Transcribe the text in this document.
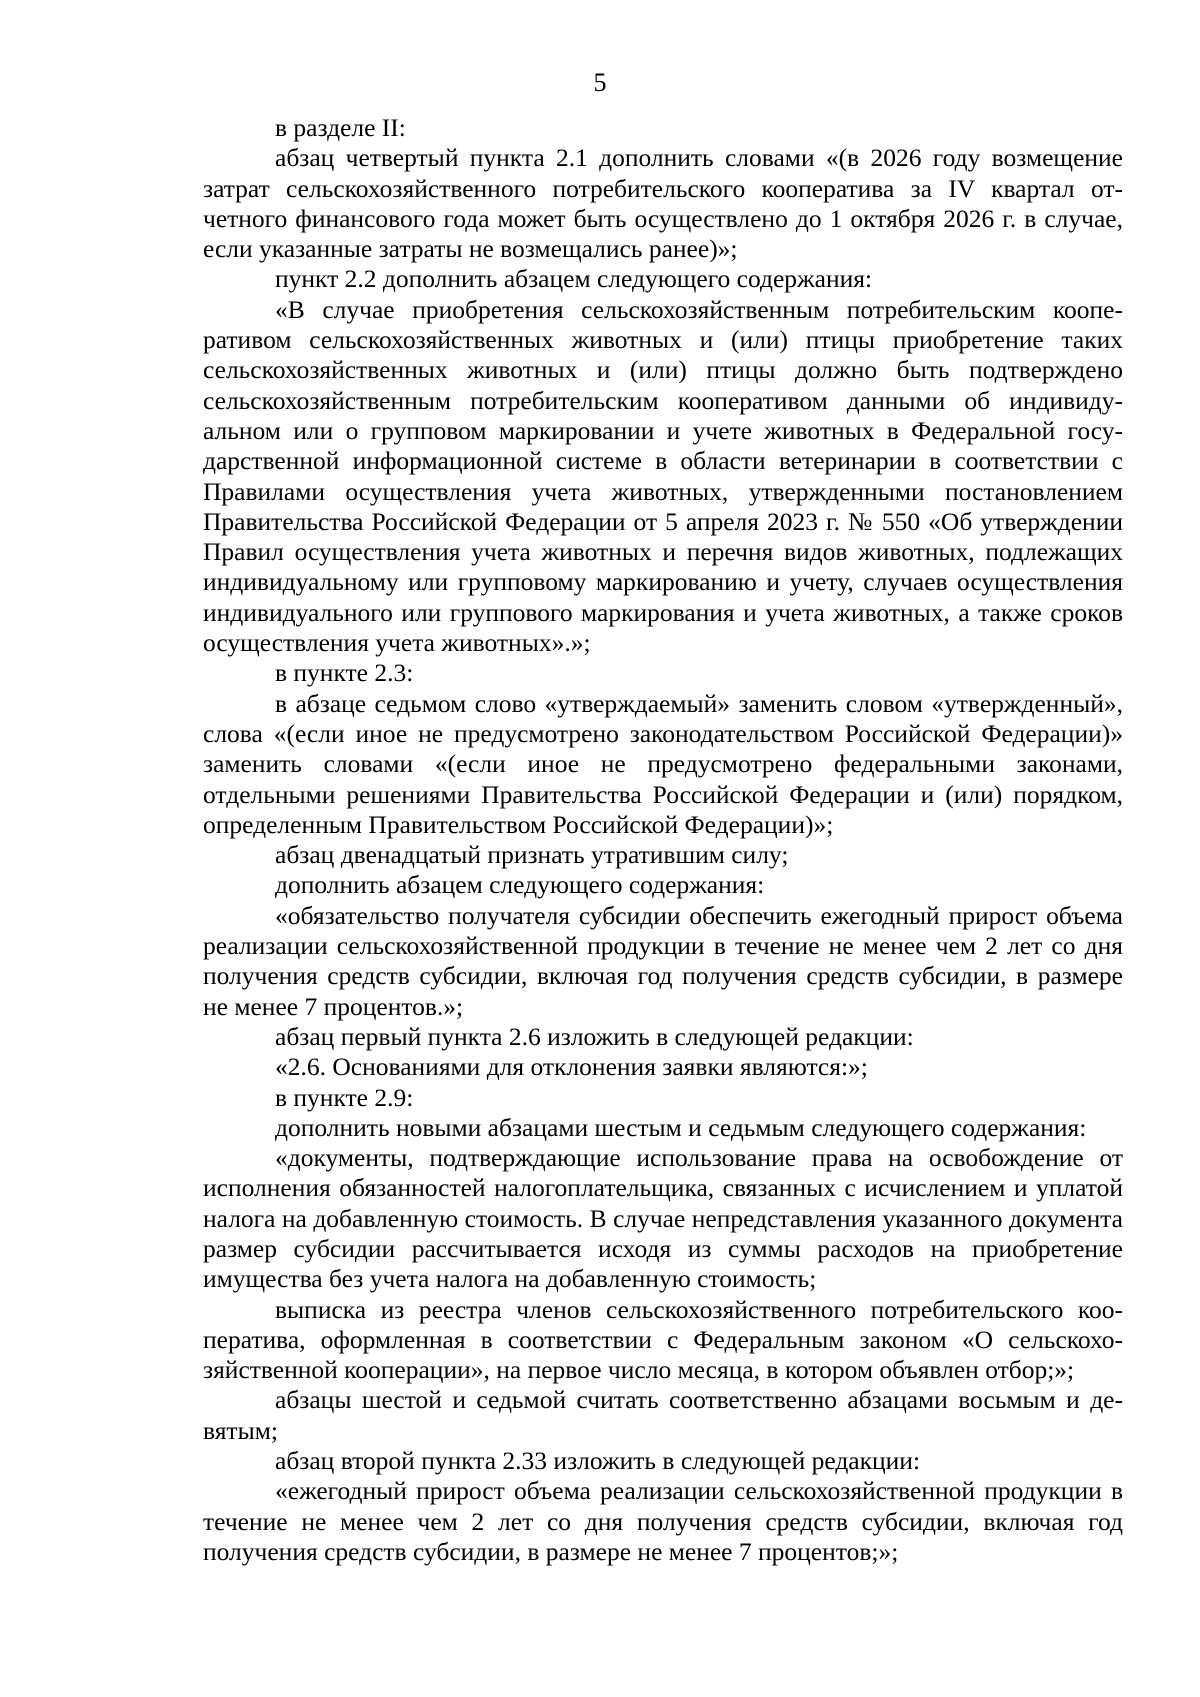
5

в разделе II:

абзац четвертый пункта 2.1 дополнить словами «(в 2026 году возмещение затрат сельскохозяйственного потребительского кооператива за IV квартал отчетного финансового года может быть осуществлено до 1 октября 2026 г. в случае, если указанные затраты не возмещались ранее)»;

пункт 2.2 дополнить абзацем следующего содержания:

«В случае приобретения сельскохозяйственным потребительским кооперативом сельскохозяйственных животных и (или) птицы приобретение таких сельскохозяйственных животных и (или) птицы должно быть подтверждено сельскохозяйственным потребительским кооперативом данными об индивидуальном или о групповом маркировании и учете животных в Федеральной государственной информационной системе в области ветеринарии в соответствии с Правилами осуществления учета животных, утвержденными постановлением Правительства Российской Федерации от 5 апреля 2023 г. № 550 «Об утверждении Правил осуществления учета животных и перечня видов животных, подлежащих индивидуальному или групповому маркированию и учету, случаев осуществления индивидуального или группового маркирования и учета животных, а также сроков осуществления учета животных».»;

в пункте 2.3:

в абзаце седьмом слово «утверждаемый» заменить словом «утвержденный», слова «(если иное не предусмотрено законодательством Российской Федерации)» заменить словами «(если иное не предусмотрено федеральными законами, отдельными решениями Правительства Российской Федерации и (или) порядком, определенным Правительством Российской Федерации)»;

абзац двенадцатый признать утратившим силу;

дополнить абзацем следующего содержания:

«обязательство получателя субсидии обеспечить ежегодный прирост объема реализации сельскохозяйственной продукции в течение не менее чем 2 лет со дня получения средств субсидии, включая год получения средств субсидии, в размере не менее 7 процентов.»;

абзац первый пункта 2.6 изложить в следующей редакции:

«2.6. Основаниями для отклонения заявки являются:»;

в пункте 2.9:

дополнить новыми абзацами шестым и седьмым следующего содержания:

«документы, подтверждающие использование права на освобождение от исполнения обязанностей налогоплательщика, связанных с исчислением и уплатой налога на добавленную стоимость. В случае непредставления указанного документа размер субсидии рассчитывается исходя из суммы расходов на приобретение имущества без учета налога на добавленную стоимость;

выписка из реестра членов сельскохозяйственного потребительского кооператива, оформленная в соответствии с Федеральным законом «О сельскохозяйственной кооперации», на первое число месяца, в котором объявлен отбор;»;

абзацы шестой и седьмой считать соответственно абзацами восьмым и девятым;

абзац второй пункта 2.33 изложить в следующей редакции:

«ежегодный прирост объема реализации сельскохозяйственной продукции в течение не менее чем 2 лет со дня получения средств субсидии, включая год получения средств субсидии, в размере не менее 7 процентов;»;
